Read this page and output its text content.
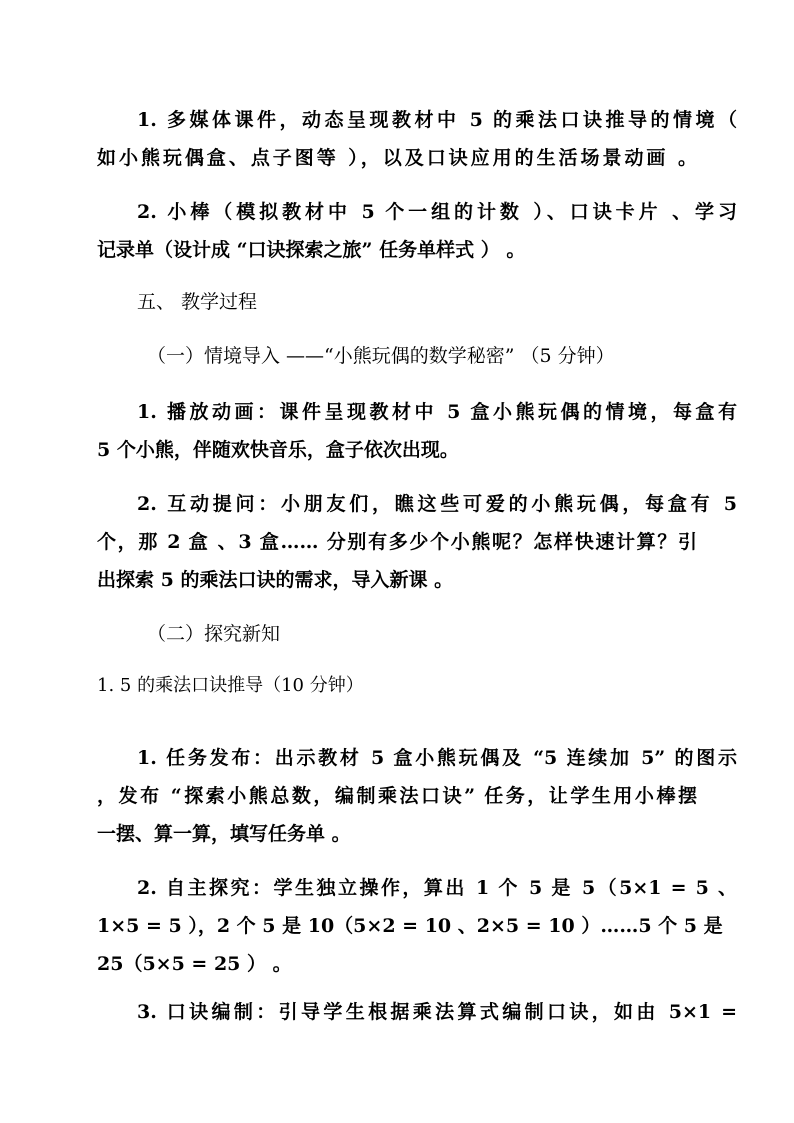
1. 多媒体课件，动态呈现教材中 5 的乘法口诀推导的情境（
如小熊玩偶盒、点子图等 ），以及口诀应用的生活场景动画 。
2. 小棒（模拟教材中 5 个一组的计数 ）、口诀卡片 、学习
记录单（设计成 “口诀探索之旅” 任务单样式 ） 。
五、 教学过程
（一）情境导入 ——“小熊玩偶的数学秘密” （5 分钟）
1. 播放动画：课件呈现教材中 5 盒小熊玩偶的情境，每盒有
5 个小熊，伴随欢快音乐，盒子依次出现。
2. 互动提问：小朋友们，瞧这些可爱的小熊玩偶，每盒有 5
个，那 2 盒 、3 盒…… 分别有多少个小熊呢？怎样快速计算？引
出探索 5 的乘法口诀的需求，导入新课 。
（二）探究新知
1. 5 的乘法口诀推导（10 分钟）
1. 任务发布：出示教材 5 盒小熊玩偶及 “5 连续加 5” 的图示
，发布 “探索小熊总数，编制乘法口诀” 任务，让学生用小棒摆
一摆、算一算，填写任务单 。
2. 自主探究：学生独立操作，算出 1 个 5 是 5（5×1 = 5 、
1×5 = 5 ），2 个 5 是 10（5×2 = 10 、2×5 = 10 ）……5 个 5 是
25（5×5 = 25 ） 。
3. 口诀编制：引导学生根据乘法算式编制口诀，如由 5×1 =
